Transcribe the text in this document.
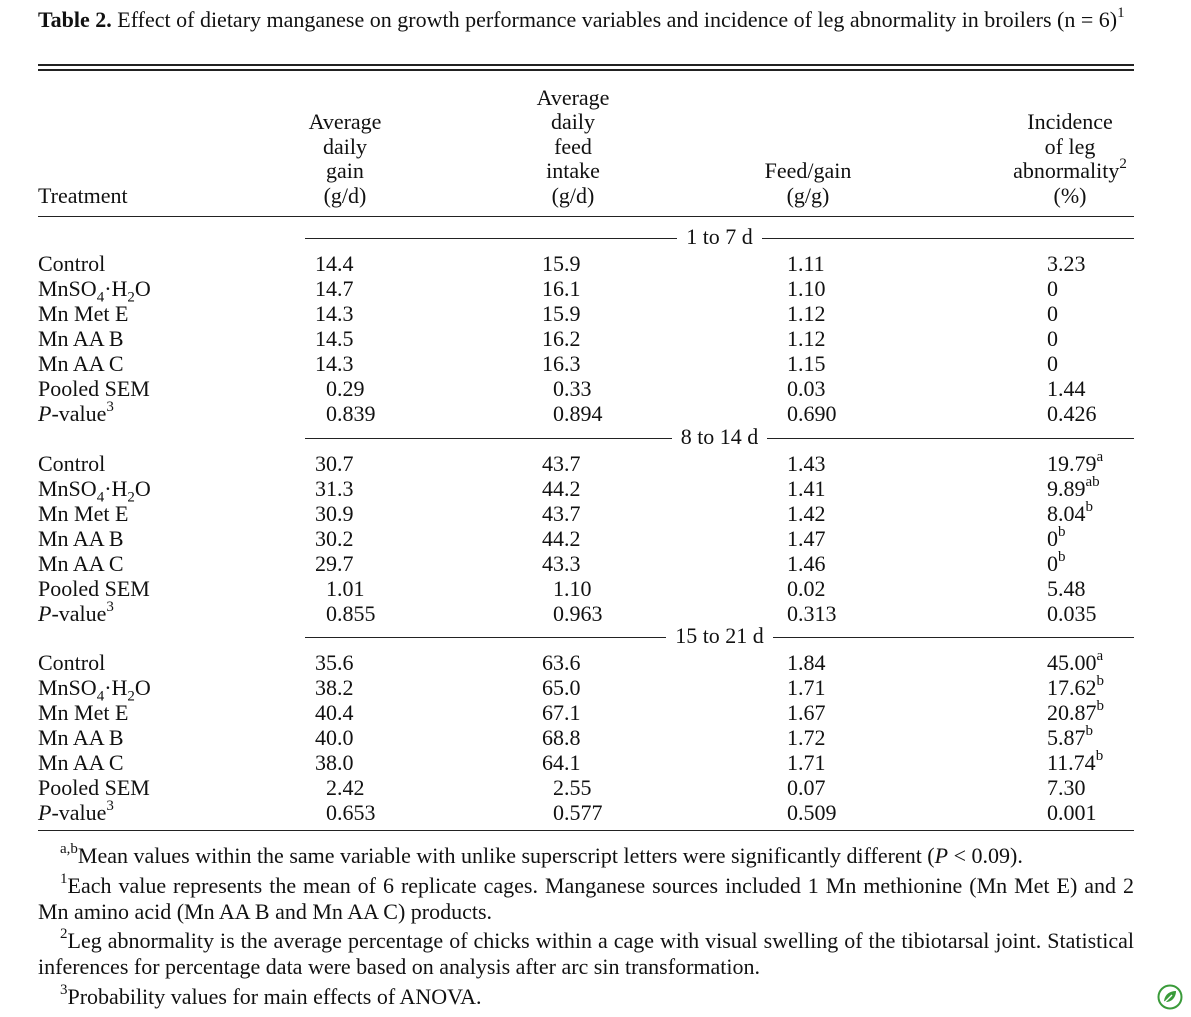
Table 2. Effect of dietary manganese on growth performance variables and incidence of leg abnormality in broilers (n = 6)$^1$
Treatment
Average
daily
gain
(g/d)
Average
daily
feed
intake
(g/d)
Feed/gain
(g/g)
Incidence
of leg
abnormality$^2$
(%)
1 to 7 d
Control	14.4	15.9	1.11	3.23
$MnSO_4\cdot H_2O$	14.7	16.1	1.10	0
Mn Met E	14.3	15.9	1.12	0
Mn AA B	14.5	16.2	1.12	0
Mn AA C	14.3	16.3	1.15	0
Pooled SEM	0.29	0.33	0.03	1.44
P-value$^3$	0.839	0.894	0.690	0.426
8 to 14 d
Control	30.7	43.7	1.43	19.79$^a$
$MnSO_4\cdot H_2O$	31.3	44.2	1.41	9.89$^{ab}$
Mn Met E	30.9	43.7	1.42	8.04$^b$
Mn AA B	30.2	44.2	1.47	0$^b$
Mn AA C	29.7	43.3	1.46	0$^b$
Pooled SEM	1.01	1.10	0.02	5.48
P-value$^3$	0.855	0.963	0.313	0.035
15 to 21 d
Control	35.6	63.6	1.84	45.00$^a$
$MnSO_4\cdot H_2O$	38.2	65.0	1.71	17.62$^b$
Mn Met E	40.4	67.1	1.67	20.87$^b$
Mn AA B	40.0	68.8	1.72	5.87$^b$
Mn AA C	38.0	64.1	1.71	11.74$^b$
Pooled SEM	2.42	2.55	0.07	7.30
P-value$^3$	0.653	0.577	0.509	0.001
$^{a,b}$Mean values within the same variable with unlike superscript letters were significantly different (P < 0.09).
$^1$Each value represents the mean of 6 replicate cages. Manganese sources included 1 Mn methionine (Mn Met E) and 2 Mn amino acid (Mn AA B and Mn AA C) products.
$^2$Leg abnormality is the average percentage of chicks within a cage with visual swelling of the tibiotarsal joint. Statistical inferences for percentage data were based on analysis after arc sin transformation.
$^3$Probability values for main effects of ANOVA.
